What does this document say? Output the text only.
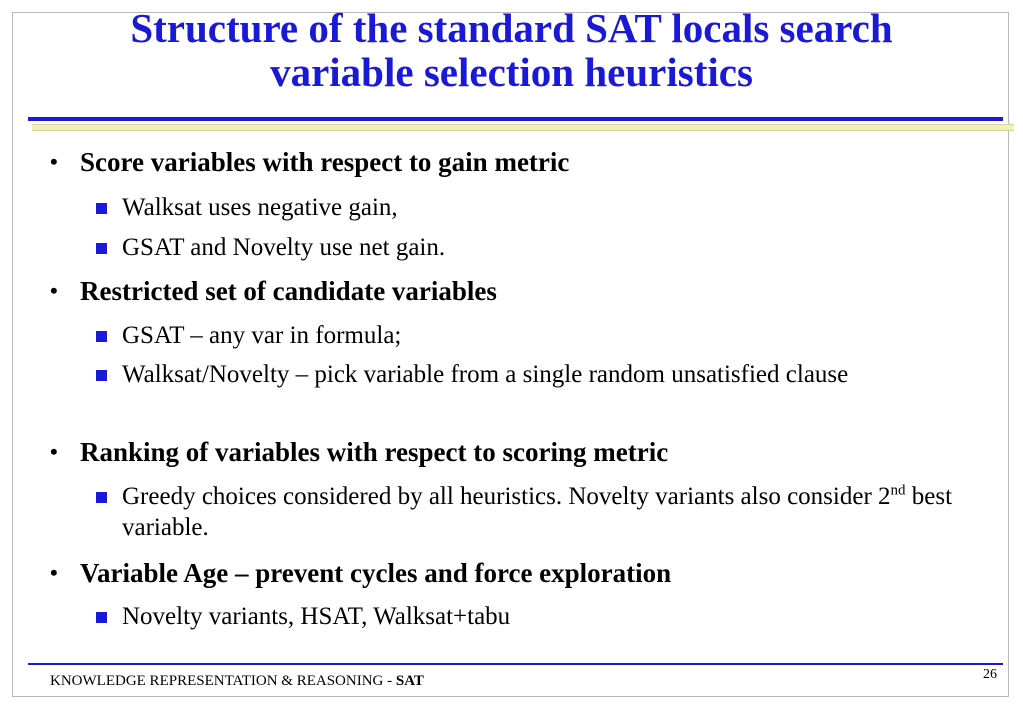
Structure of the standard SAT locals search
variable selection heuristics
• Score variables with respect to gain metric
Walksat uses negative gain,
GSAT and Novelty use net gain.
• Restricted set of candidate variables
GSAT – any var in formula;
Walksat/Novelty – pick variable from a single random unsatisfied clause
• Ranking of variables with respect to scoring metric
Greedy choices considered by all heuristics. Novelty variants also consider 2nd best variable.
• Variable Age – prevent cycles and force exploration
Novelty variants, HSAT, Walksat+tabu
KNOWLEDGE REPRESENTATION & REASONING - SAT	26
